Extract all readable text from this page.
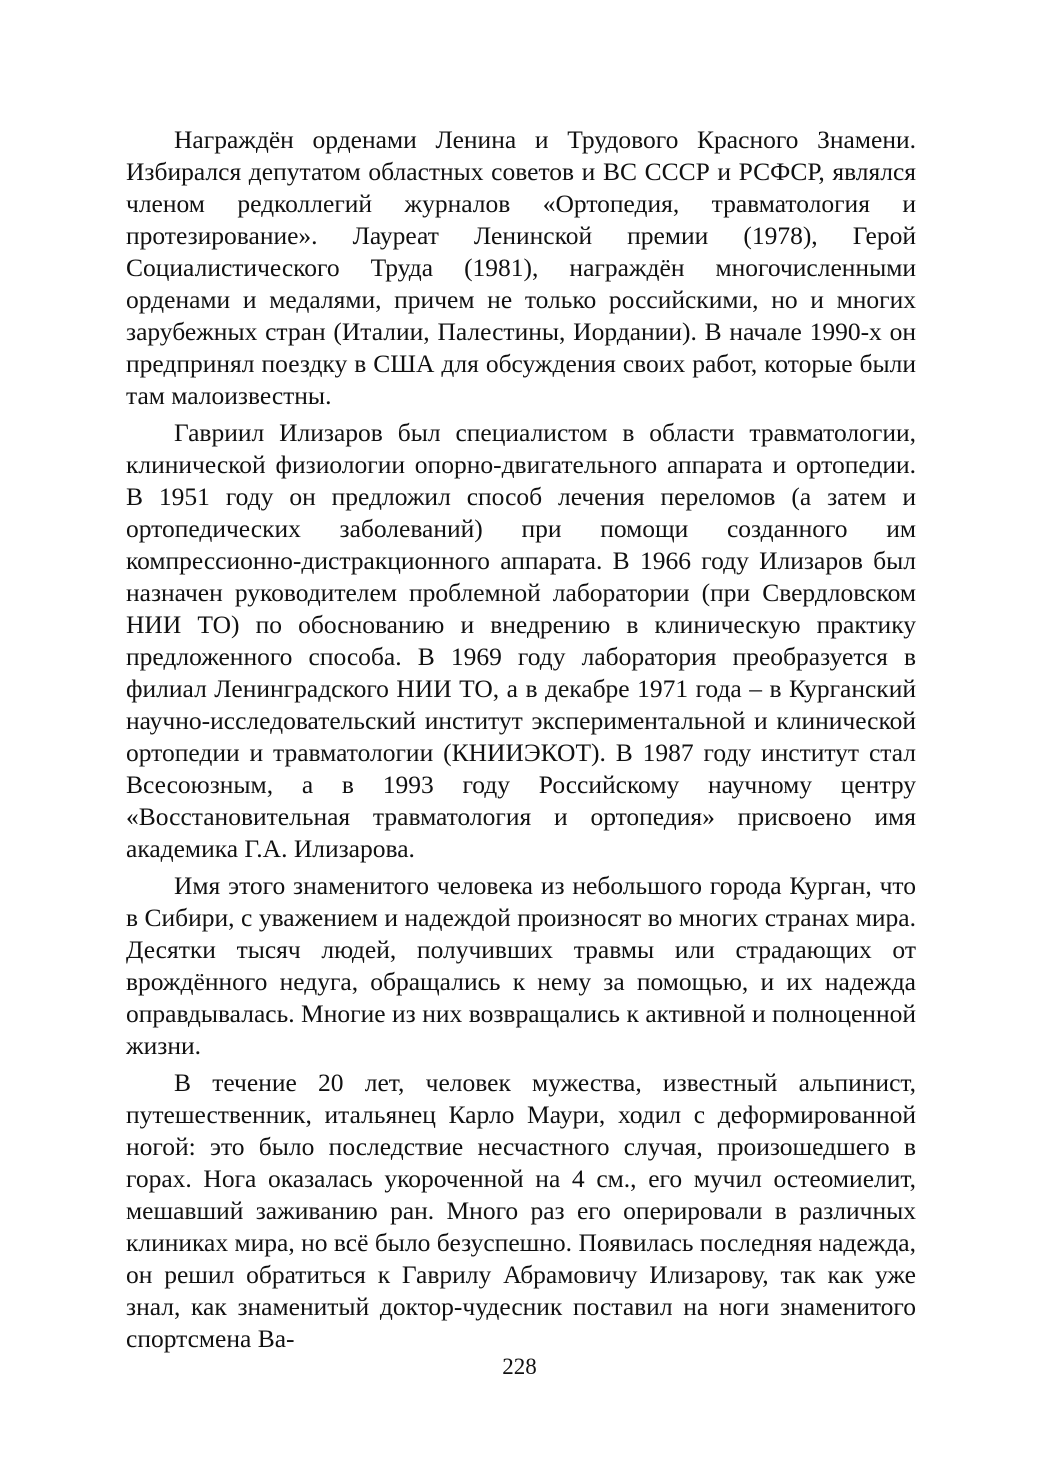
Награждён орденами Ленина и Трудового Красного Знамени. Избирался депутатом областных советов и ВС СССР и РСФСР, являлся членом редколлегий журналов «Ортопедия, травматология и протезирование». Лауреат Ленинской премии (1978), Герой Социалистического Труда (1981), награждён многочисленными орденами и медалями, причем не только российскими, но и многих зарубежных стран (Италии, Палестины, Иордании). В начале 1990-х он предпринял поездку в США для обсуждения своих работ, которые были там малоизвестны.

Гавриил Илизаров был специалистом в области травматологии, клинической физиологии опорно-двигательного аппарата и ортопедии. В 1951 году он предложил способ лечения переломов (а затем и ортопедических заболеваний) при помощи созданного им компрессионно-дистракционного аппарата. В 1966 году Илизаров был назначен руководителем проблемной лаборатории (при Свердловском НИИ ТО) по обоснованию и внедрению в клиническую практику предложенного способа. В 1969 году лаборатория преобразуется в филиал Ленинградского НИИ ТО, а в декабре 1971 года – в Курганский научно-исследовательский институт экспериментальной и клинической ортопедии и травматологии (КНИИЭКОТ). В 1987 году институт стал Всесоюзным, а в 1993 году Российскому научному центру «Восстановительная травматология и ортопедия» присвоено имя академика Г.А. Илизарова.

Имя этого знаменитого человека из небольшого города Курган, что в Сибири, с уважением и надеждой произносят во многих странах мира. Десятки тысяч людей, получивших травмы или страдающих от врождённого недуга, обращались к нему за помощью, и их надежда оправдывалась. Многие из них возвращались к активной и полноценной жизни.

В течение 20 лет, человек мужества, известный альпинист, путешественник, итальянец Карло Маури, ходил с деформированной ногой: это было последствие несчастного случая, произошедшего в горах. Нога оказалась укороченной на 4 см., его мучил остеомиелит, мешавший заживанию ран. Много раз его оперировали в различных клиниках мира, но всё было безуспешно. Появилась последняя надежда, он решил обратиться к Гаврилу Абрамовичу Илизарову, так как уже знал, как знаменитый доктор-чудесник поставил на ноги знаменитого спортсмена Ва-

228
